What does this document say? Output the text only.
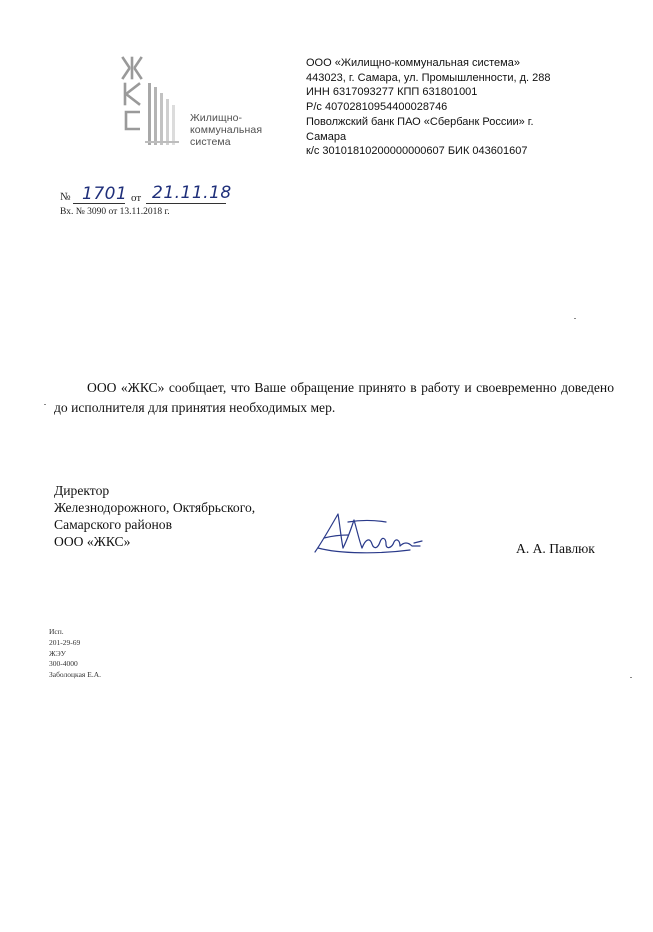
Жилищно-
коммунальная
система
ООО «Жилищно-коммунальная система»
443023, г. Самара, ул. Промышленности, д. 288
ИНН 6317093277 КПП 631801001
Р/с 40702810954400028746
Поволжский банк ПАО «Сбербанк России» г.
Самара
к/с 30101810200000000607 БИК 043601607
№ 1701 от 21.11.18
Вх. № 3090 от 13.11.2018 г.

ООО «ЖКС» сообщает, что Ваше обращение принято в работу и своевременно доведено до исполнителя для принятия необходимых мер.

Директор
Железнодорожного, Октябрьского,
Самарского районов
ООО «ЖКС»	А. А. Павлюк
Исп.
201-29-69
ЖЭУ
300-4000
Заболоцкая Е.А.
